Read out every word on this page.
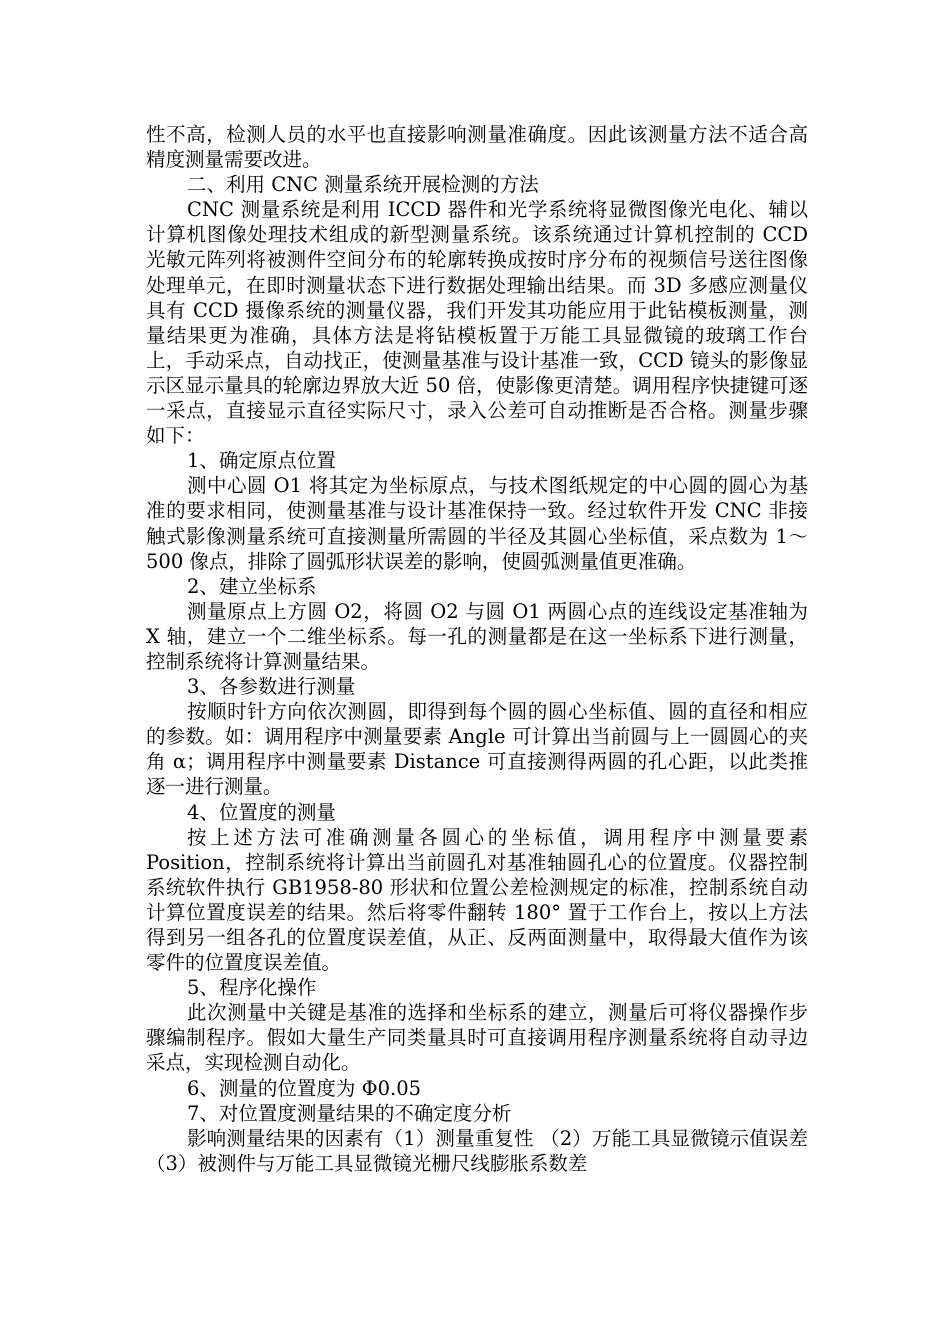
性不高，检测人员的水平也直接影响测量准确度。因此该测量方法不适合高精度测量需要改进。

二、利用 CNC 测量系统开展检测的方法

CNC 测量系统是利用 ICCD 器件和光学系统将显微图像光电化、辅以计算机图像处理技术组成的新型测量系统。该系统通过计算机控制的 CCD 光敏元阵列将被测件空间分布的轮廓转换成按时序分布的视频信号送往图像处理单元，在即时测量状态下进行数据处理输出结果。而 3D 多感应测量仪具有 CCD 摄像系统的测量仪器，我们开发其功能应用于此钻模板测量，测量结果更为准确，具体方法是将钻模板置于万能工具显微镜的玻璃工作台上，手动采点，自动找正，使测量基准与设计基准一致，CCD 镜头的影像显示区显示量具的轮廓边界放大近 50 倍，使影像更清楚。调用程序快捷键可逐一采点，直接显示直径实际尺寸，录入公差可自动推断是否合格。测量步骤如下：

1、确定原点位置

测中心圆 O1 将其定为坐标原点，与技术图纸规定的中心圆的圆心为基准的要求相同，使测量基准与设计基准保持一致。经过软件开发 CNC 非接触式影像测量系统可直接测量所需圆的半径及其圆心坐标值，采点数为 1～500 像点，排除了圆弧形状误差的影响，使圆弧测量值更准确。

2、建立坐标系

测量原点上方圆 O2，将圆 O2 与圆 O1 两圆心点的连线设定基准轴为 X 轴，建立一个二维坐标系。每一孔的测量都是在这一坐标系下进行测量，控制系统将计算测量结果。

3、各参数进行测量

按顺时针方向依次测圆，即得到每个圆的圆心坐标值、圆的直径和相应的参数。如：调用程序中测量要素 Angle 可计算出当前圆与上一圆圆心的夹角 α；调用程序中测量要素 Distance 可直接测得两圆的孔心距，以此类推逐一进行测量。

4、位置度的测量

按上述方法可准确测量各圆心的坐标值，调用程序中测量要素 Position，控制系统将计算出当前圆孔对基准轴圆孔心的位置度。仪器控制系统软件执行 GB1958-80 形状和位置公差检测规定的标准，控制系统自动计算位置度误差的结果。然后将零件翻转 180° 置于工作台上，按以上方法得到另一组各孔的位置度误差值，从正、反两面测量中，取得最大值作为该零件的位置度误差值。

5、程序化操作

此次测量中关键是基准的选择和坐标系的建立，测量后可将仪器操作步骤编制程序。假如大量生产同类量具时可直接调用程序测量系统将自动寻边采点，实现检测自动化。

6、测量的位置度为 Φ0.05

7、对位置度测量结果的不确定度分析

影响测量结果的因素有（1）测量重复性 （2）万能工具显微镜示值误差 （3）被测件与万能工具显微镜光栅尺线膨胀系数差
